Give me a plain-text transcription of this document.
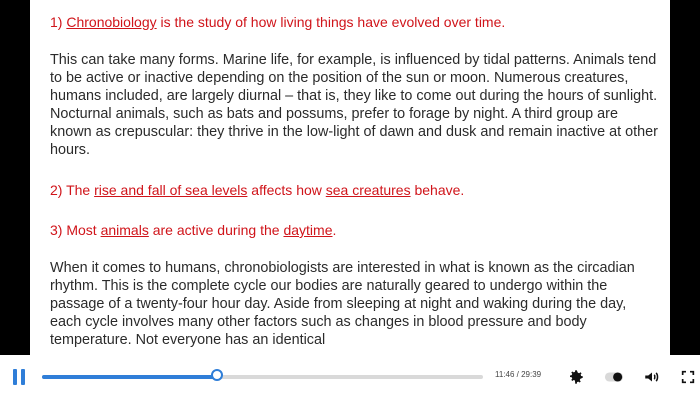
1) Chronobiology is the study of how living things have evolved over time.

This can take many forms. Marine life, for example, is influenced by tidal patterns. Animals tend to be active or inactive depending on the position of the sun or moon. Numerous creatures, humans included, are largely diurnal – that is, they like to come out during the hours of sunlight. Nocturnal animals, such as bats and possums, prefer to forage by night. A third group are known as crepuscular: they thrive in the low-light of dawn and dusk and remain inactive at other hours.

2) The rise and fall of sea levels affects how sea creatures behave.
3) Most animals are active during the daytime.

When it comes to humans, chronobiologists are interested in what is known as the circadian rhythm. This is the complete cycle our bodies are naturally geared to undergo within the passage of a twenty-four hour day. Aside from sleeping at night and waking during the day, each cycle involves many other factors such as changes in blood pressure and body temperature. Not everyone has an identical

11:46 / 29:39
